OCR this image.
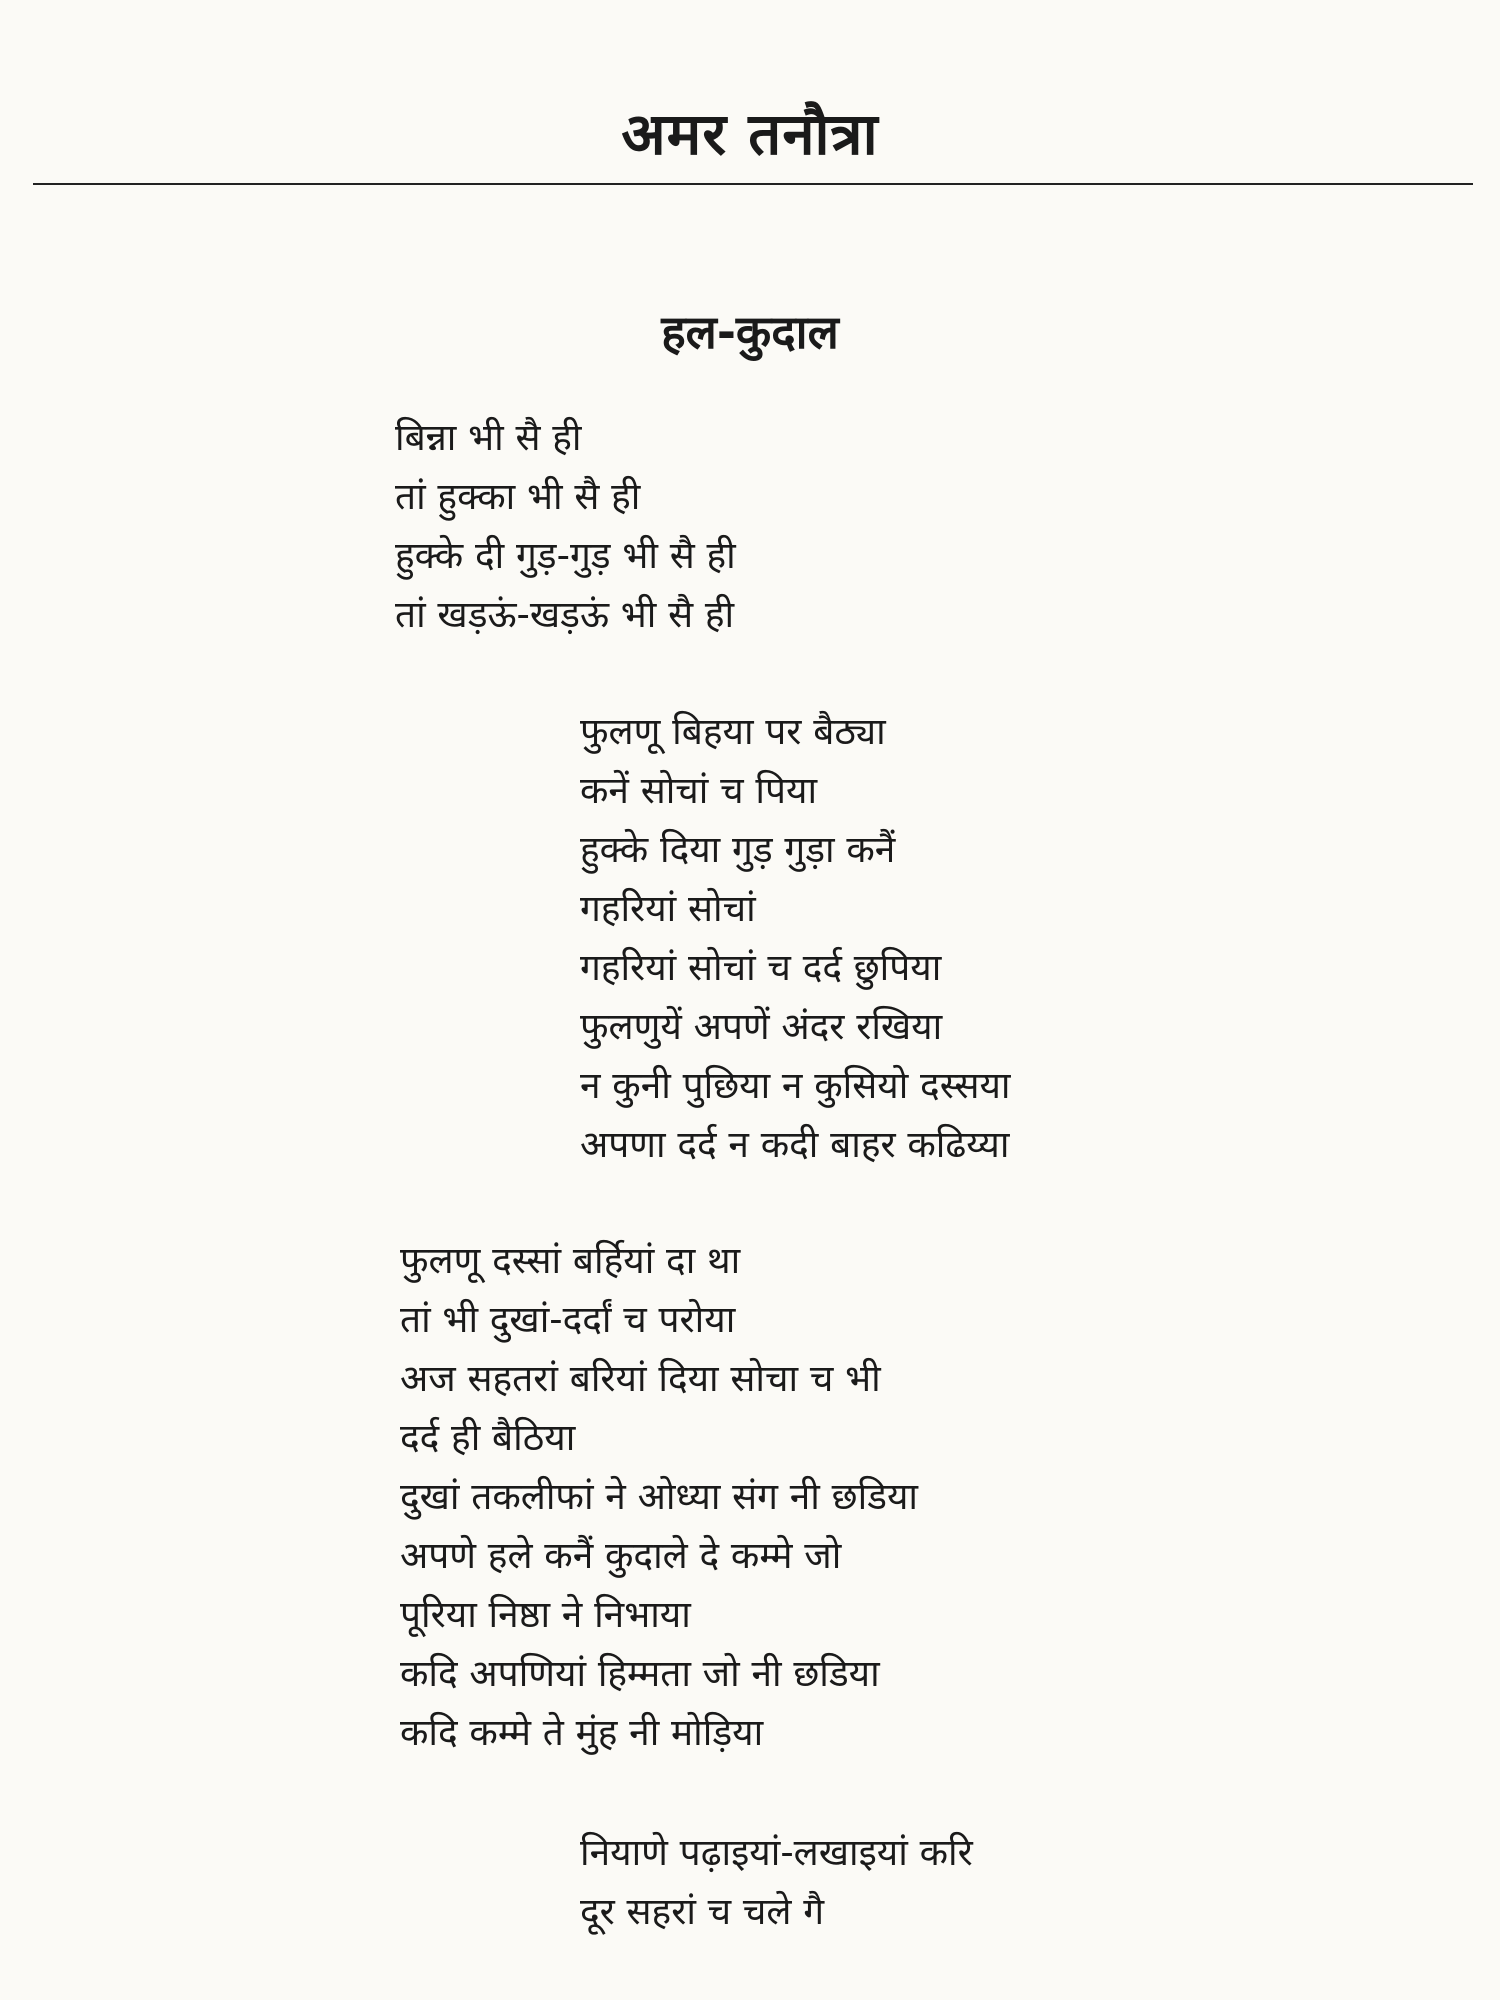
अमर तनौत्रा
हल-कुदाल
बिन्ना भी सै ही
तां हुक्का भी सै ही
हुक्के दी गुड़-गुड़ भी सै ही
तां खड़ऊं-खड़ऊं भी सै ही
फुलणू बिहया पर बैठ्या
कनें सोचां च पिया
हुक्के दिया गुड़ गुड़ा कनैं
गहरियां सोचां
गहरियां सोचां च दर्द छुपिया
फुलणुयें अपणें अंदर रखिया
न कुनी पुछिया न कुसियो दस्सया
अपणा दर्द न कदी बाहर कढिय्या
फुलणू दस्सां बर्हियां दा था
तां भी दुखां-दर्दां च परोया
अज सहतरां बरियां दिया सोचा च भी
दर्द ही बैठिया
दुखां तकलीफां ने ओध्या संग नी छडिया
अपणे हले कनैं कुदाले दे कम्मे जो
पूरिया निष्ठा ने निभाया
कदि अपणियां हिम्मता जो नी छडिया
कदि कम्मे ते मुंह नी मोड़िया
नियाणे पढ़ाइयां-लखाइयां करि
दूर सहरां च चले गै
